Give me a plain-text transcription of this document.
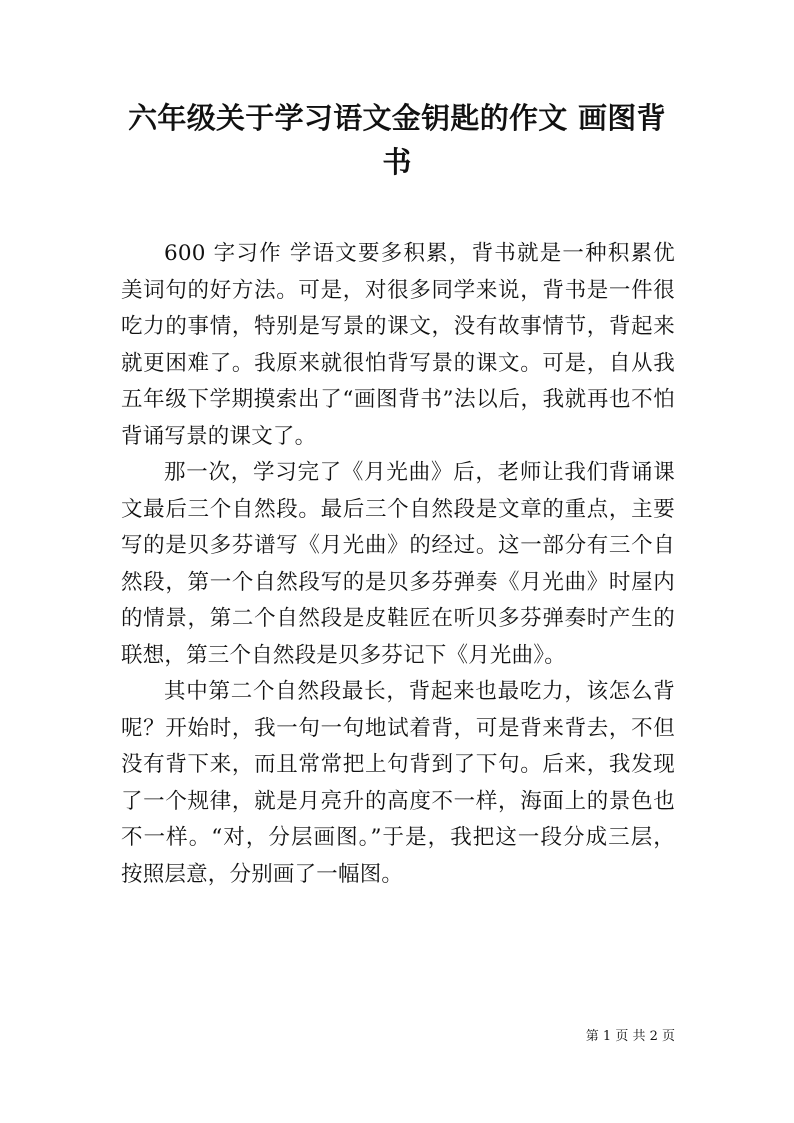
六年级关于学习语文金钥匙的作文 画图背书

600 字习作 学语文要多积累，背书就是一种积累优美词句的好方法。可是，对很多同学来说，背书是一件很吃力的事情，特别是写景的课文，没有故事情节，背起来就更困难了。我原来就很怕背写景的课文。可是，自从我五年级下学期摸索出了“画图背书”法以后，我就再也不怕背诵写景的课文了。

那一次，学习完了《月光曲》后，老师让我们背诵课文最后三个自然段。最后三个自然段是文章的重点，主要写的是贝多芬谱写《月光曲》的经过。这一部分有三个自然段，第一个自然段写的是贝多芬弹奏《月光曲》时屋内的情景，第二个自然段是皮鞋匠在听贝多芬弹奏时产生的联想，第三个自然段是贝多芬记下《月光曲》。

其中第二个自然段最长，背起来也最吃力，该怎么背呢？开始时，我一句一句地试着背，可是背来背去，不但没有背下来，而且常常把上句背到了下句。后来，我发现了一个规律，就是月亮升的高度不一样，海面上的景色也不一样。“对，分层画图。”于是，我把这一段分成三层，按照层意，分别画了一幅图。

第 1 页 共 2 页
